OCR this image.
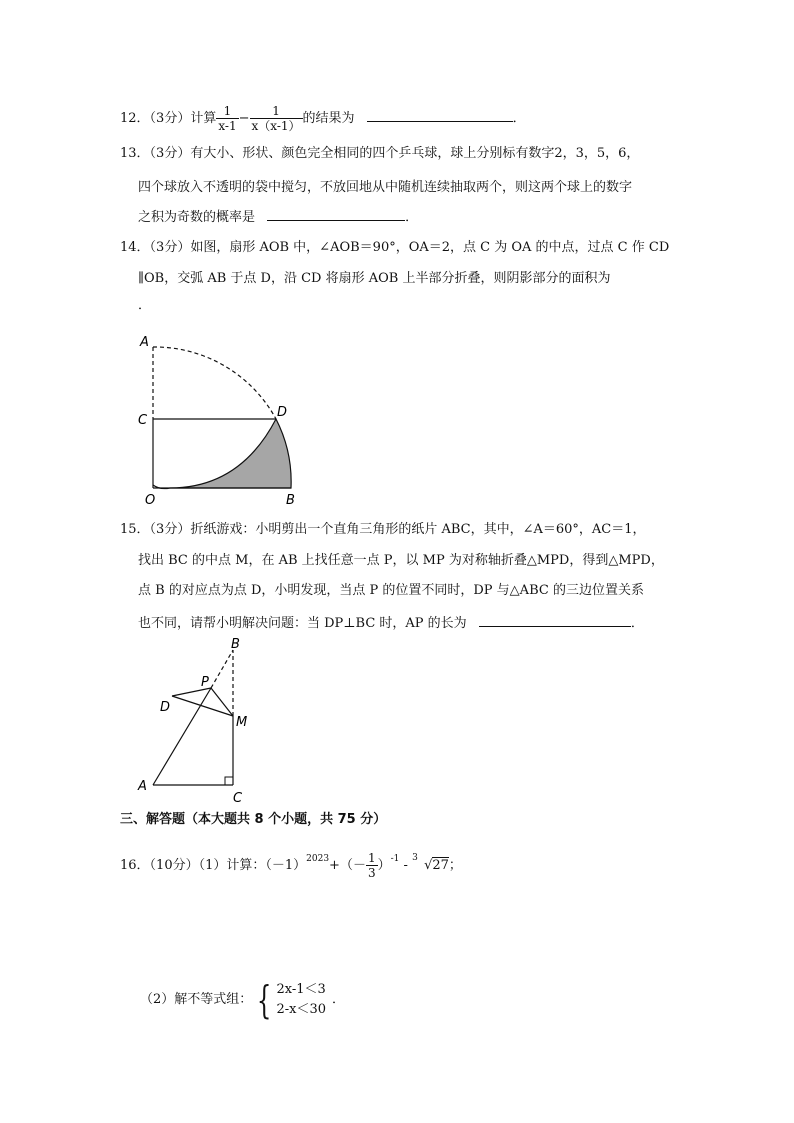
12．（3分）计算 $\frac{1}{x-1} - \frac{1}{x(x-1)}$ 的结果为	．
13．（3分）有大小、形状、颜色完全相同的四个乒乓球，球上分别标有数字2，3，5，6，
四个球放入不透明的袋中搅匀，不放回地从中随机连续抽取两个，则这两个球上的数字
之积为奇数的概率是	．
14．（3分）如图，扇形 AOB 中，∠AOB＝90°，OA＝2，点 C 为 OA 的中点，过点 C 作 CD
∥OB，交弧 AB 于点 D，沿 CD 将扇形 AOB 上半部分折叠，则阴影部分的面积为
．
A
C
D
O	B
15．（3分）折纸游戏：小明剪出一个直角三角形的纸片 ABC，其中，∠A＝60°，AC＝1，
找出 BC 的中点 M，在 AB 上找任意一点 P，以 MP 为对称轴折叠△MPD，得到△MPD，
点 B 的对应点为点 D，小明发现，当点 P 的位置不同时，DP 与△ABC 的三边位置关系
也不同，请帮小明解决问题：当 DP⊥BC 时，AP 的长为	．
B
P
D
M
A
C
三、解答题（本大题共 8 个小题，共 75 分）
16．（10分）（1）计算：$(-1)^{2023}+(- \frac{1}{3} )^{-1} - 3$ √27；
（2）解不等式组： { 2x-1＜3
2-x＜30
．
